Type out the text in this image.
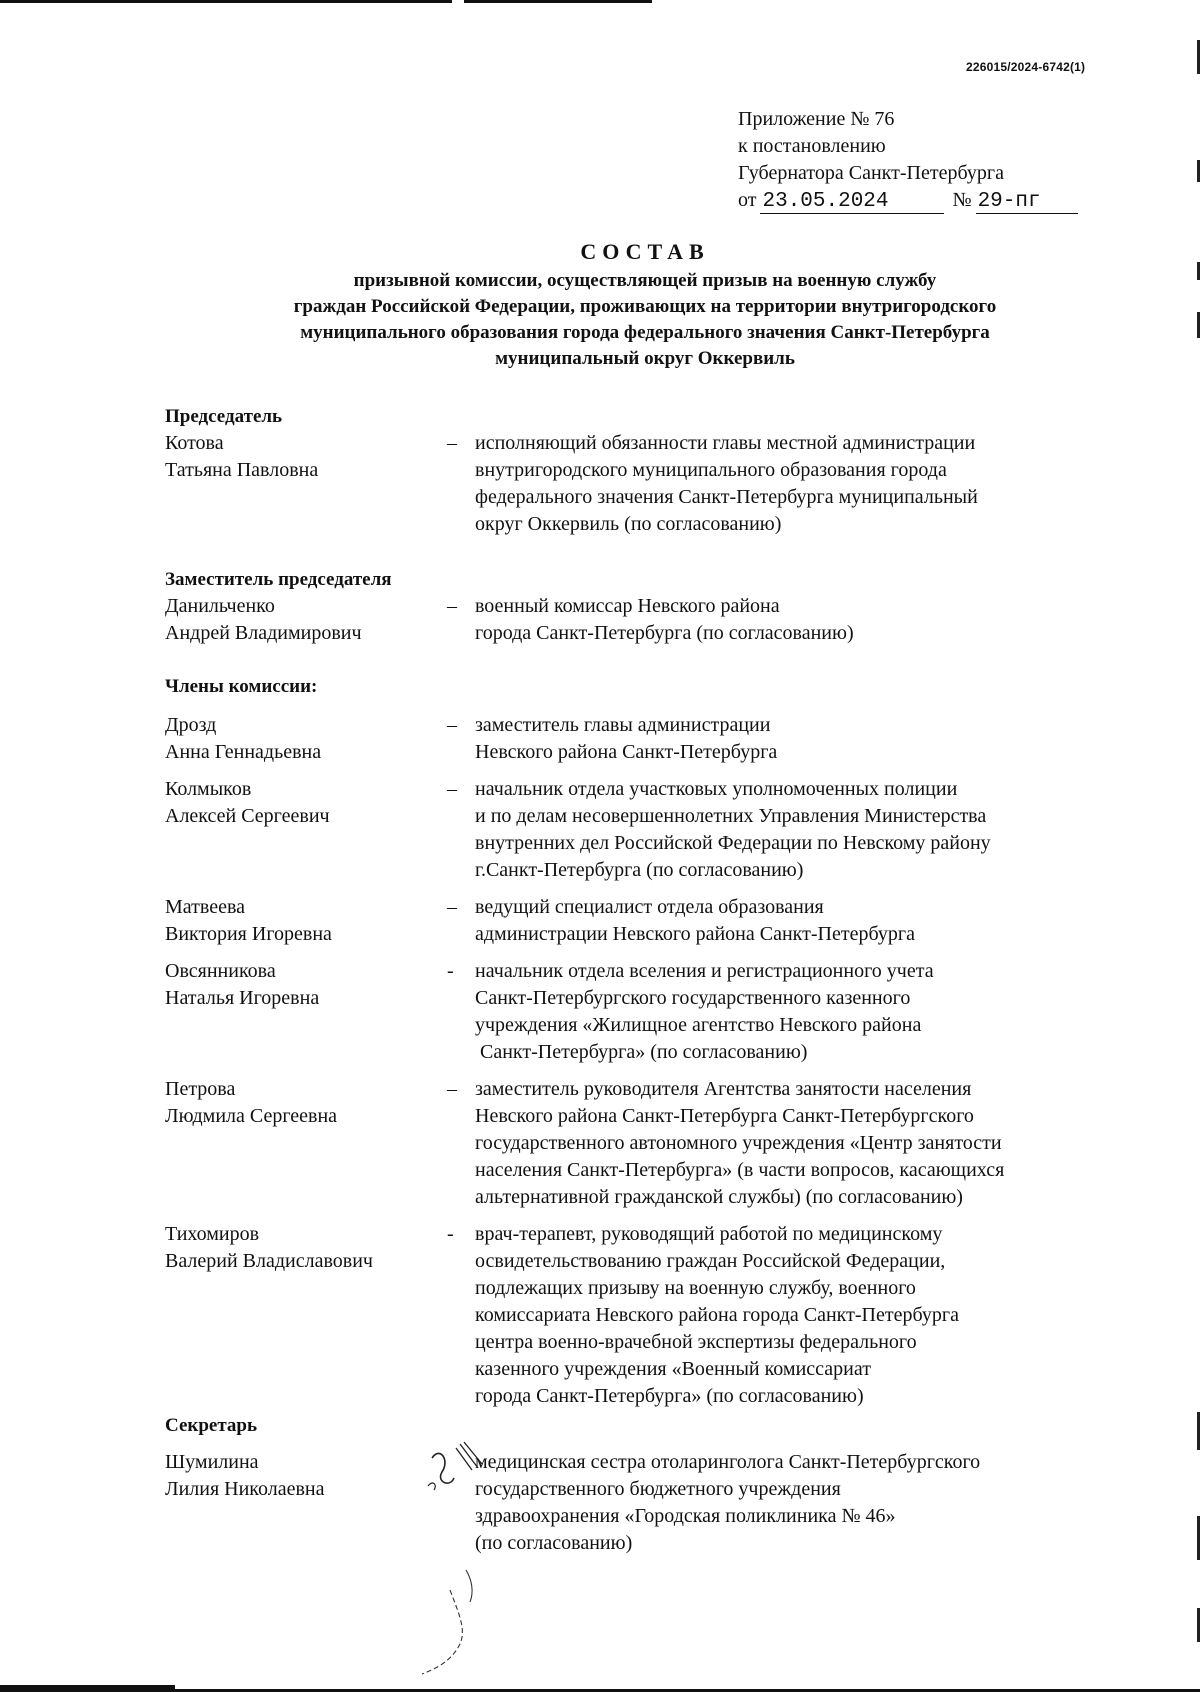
226015/2024-6742(1)
Приложение № 76
к постановлению
Губернатора Санкт-Петербурга
от 23.05.2024	№ 29-пг
СОСТАВ
призывной комиссии, осуществляющей призыв на военную службу
граждан Российской Федерации, проживающих на территории внутригородского
муниципального образования города федерального значения Санкт-Петербурга
муниципальный округ Оккервиль
Председатель
Котова
Татьяна Павловна
– исполняющий обязанности главы местной администрации
внутригородского муниципального образования города
федерального значения Санкт-Петербурга муниципальный
округ Оккервиль (по согласованию)
Заместитель председателя
Данильченко
Андрей Владимирович
– военный комиссар Невского района
города Санкт-Петербурга (по согласованию)
Члены комиссии:
Дрозд
Анна Геннадьевна
– заместитель главы администрации
Невского района Санкт-Петербурга
Колмыков
Алексей Сергеевич
– начальник отдела участковых уполномоченных полиции
и по делам несовершеннолетних Управления Министерства
внутренних дел Российской Федерации по Невскому району
г.Санкт-Петербурга (по согласованию)
Матвеева
Виктория Игоревна
– ведущий специалист отдела образования
администрации Невского района Санкт-Петербурга
Овсянникова
Наталья Игоревна
-	начальник отдела вселения и регистрационного учета
Санкт-Петербургского государственного казенного
учреждения «Жилищное агентство Невского района
Санкт-Петербурга» (по согласованию)
Петрова
Людмила Сергеевна
– заместитель руководителя Агентства занятости населения
Невского района Санкт-Петербурга Санкт-Петербургского
государственного автономного учреждения «Центр занятости
населения Санкт-Петербурга» (в части вопросов, касающихся
альтернативной гражданской службы) (по согласованию)
Тихомиров
Валерий Владиславович
-	врач-терапевт, руководящий работой по медицинскому
освидетельствованию граждан Российской Федерации,
подлежащих призыву на военную службу, военного
комиссариата Невского района города Санкт-Петербурга
центра военно-врачебной экспертизы федерального
казенного учреждения «Военный комиссариат
города Санкт-Петербурга» (по согласованию)
Секретарь
Шумилина
Лилия Николаевна
медицинская сестра отоларинголога Санкт-Петербургского
государственного бюджетного учреждения
здравоохранения «Городская поликлиника № 46»
(по согласованию)
